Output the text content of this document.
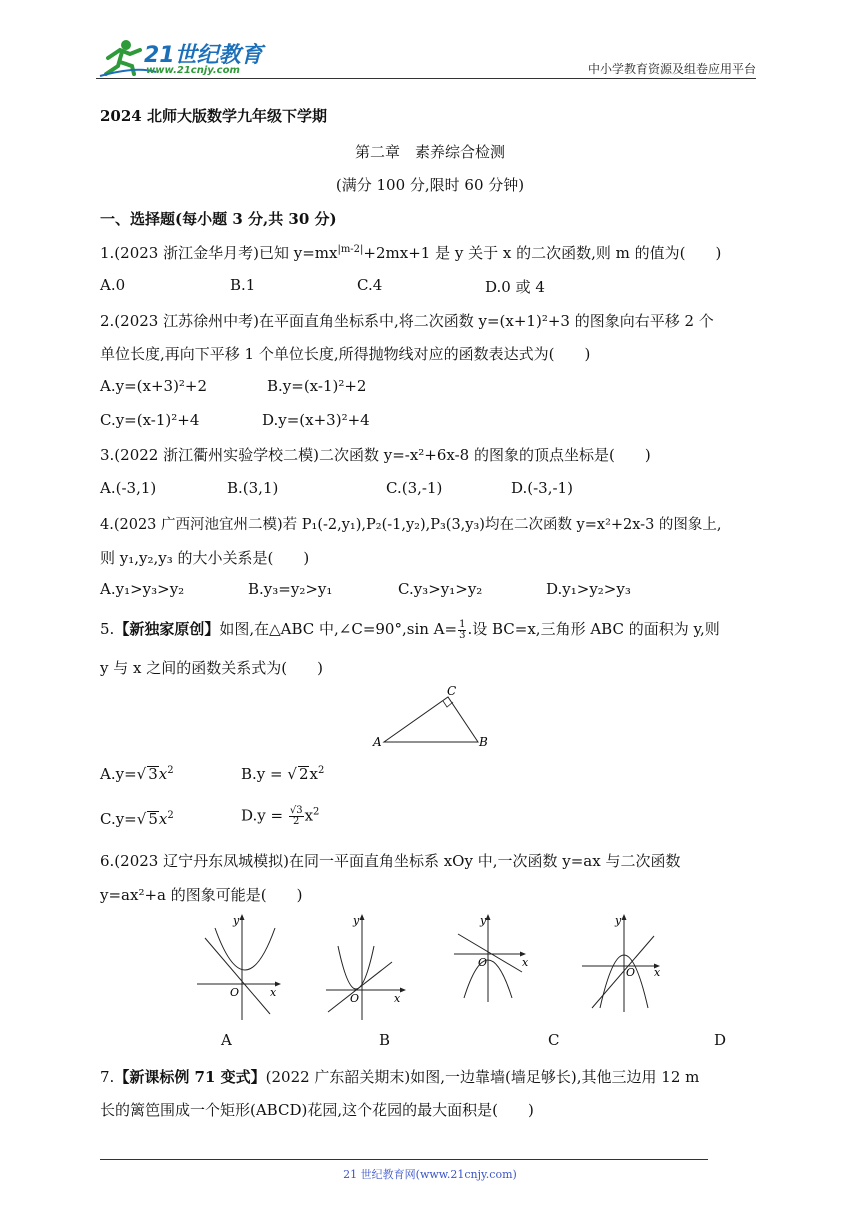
21世纪教育
www.21cnjy.com	中小学教育资源及组卷应用平台
2024 北师大版数学九年级下学期
第二章　素养综合检测
(满分 100 分,限时 60 分钟)
一、选择题(每小题 3 分,共 30 分)
1.(2023 浙江金华月考)已知 $y=mx^{|m-2|}+2mx+1$ 是 y 关于 x 的二次函数,则 m 的值为(　　)
A.0	B.1	C.4	D.0 或 4
2.(2023 江苏徐州中考)在平面直角坐标系中,将二次函数 y=(x+1)²+3 的图象向右平移 2 个
单位长度,再向下平移 1 个单位长度,所得抛物线对应的函数表达式为(　　)
A.y=(x+3)²+2	B.y=(x-1)²+2
C.y=(x-1)²+4	D.y=(x+3)²+4
3.(2022 浙江衢州实验学校二模)二次函数 y=-x²+6x-8 的图象的顶点坐标是(　　)
A.(-3,1)	B.(3,1)	C.(3,-1)	D.(-3,-1)
4.(2023 广西河池宜州二模)若 P₁(-2,y₁),P₂(-1,y₂),P₃(3,y₃)均在二次函数 y=x²+2x-3 的图象上,
则 y₁,y₂,y₃ 的大小关系是(　　)
A.y₁>y₃>y₂	B.y₃=y₂>y₁	C.y₃>y₁>y₂	D.y₁>y₂>y₃
5.【新独家原创】如图,在△ABC 中,∠C=90°,sin $A= \frac{1}{3}$ .设 BC=x,三角形 ABC 的面积为 y,则
y 与 x 之间的函数关系式为(　　)
A	B
C
A.y=√ $3x^2$	B.y = √ $2x^2$
C.y=√ $5x^2$	$D.y = \frac{√3}{2} x^2$
6.(2023 辽宁丹东凤城模拟)在同一平面直角坐标系 xOy 中,一次函数 y=ax 与二次函数
y=ax²+a 的图象可能是(　　)
y
x
O
y
x
O
y
x
O
y
x
O
A	B	C	D
7.【新课标例 71 变式】(2022 广东韶关期末)如图,一边靠墙(墙足够长),其他三边用 12 m
长的篱笆围成一个矩形(ABCD)花园,这个花园的最大面积是(　　)
21 世纪教育网(www.21cnjy.com)
